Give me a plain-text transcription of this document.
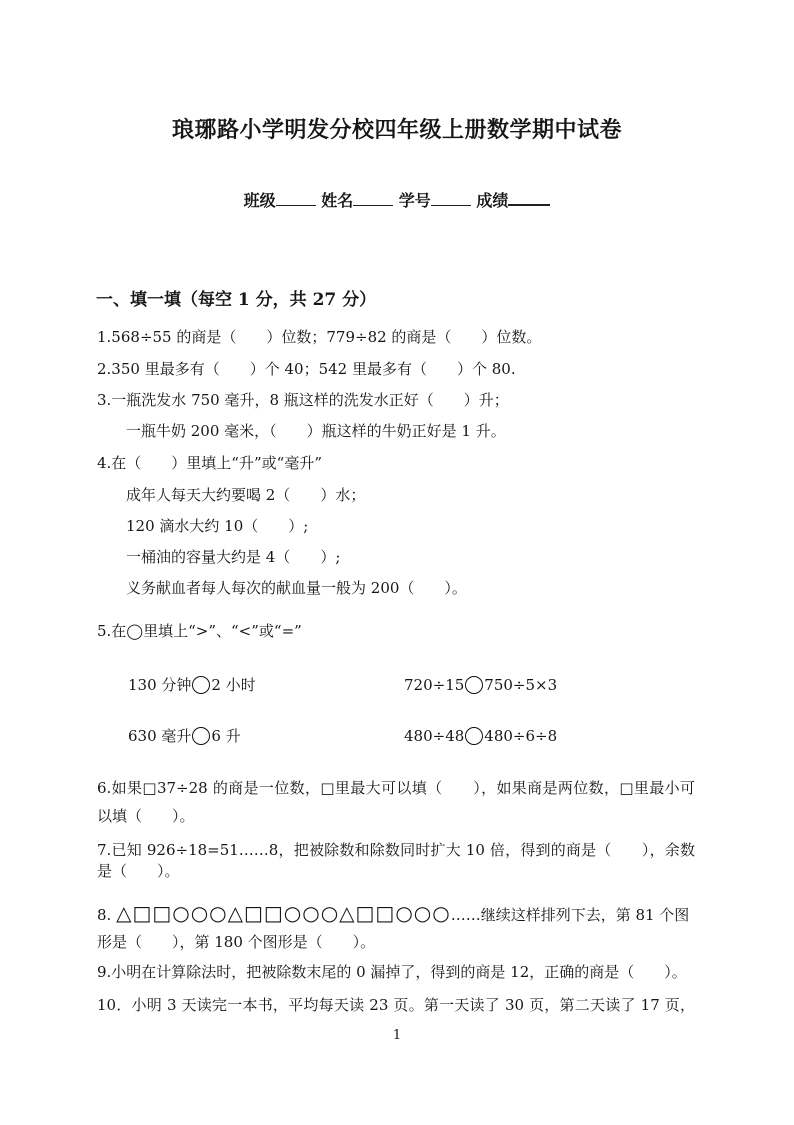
琅琊路小学明发分校四年级上册数学期中试卷
班级	姓名	学号	成绩
一、填一填（每空 1 分，共 27 分）
1.568÷55 的商是（　　）位数；779÷82 的商是（　　）位数。
2.350 里最多有（　　）个 40；542 里最多有（　　）个 80.
3.一瓶洗发水 750 毫升，8 瓶这样的洗发水正好（　　）升；
一瓶牛奶 200 毫米，（　　）瓶这样的牛奶正好是 1 升。
4.在（　　）里填上“升”或“毫升”
成年人每天大约要喝 2（　　）水；
120 滴水大约 10（　　）;
一桶油的容量大约是 4（　　）;
义务献血者每人每次的献血量一般为 200（　　）。
5.在◯里填上“>”、“<”或“=”
130 分钟 2 小时	720÷15 750÷5×3
630 毫升 6 升	480÷48 480÷6÷8
6.如果□37÷28 的商是一位数，□里最大可以填（　　），如果商是两位数，□里最小可
以填（　　）。
7.已知 926÷18=51……8，把被除数和除数同时扩大 10 倍，得到的商是（　　），余数
是（　　）。
8. △□□○○○△□□○○○△□□○○○……继续这样排列下去，第 81 个图
形是（　　），第 180 个图形是（　　）。
9.小明在计算除法时，把被除数末尾的 0 漏掉了，得到的商是 12，正确的商是（　　）。
10．小明 3 天读完一本书，平均每天读 23 页。第一天读了 30 页，第二天读了 17 页，
1
